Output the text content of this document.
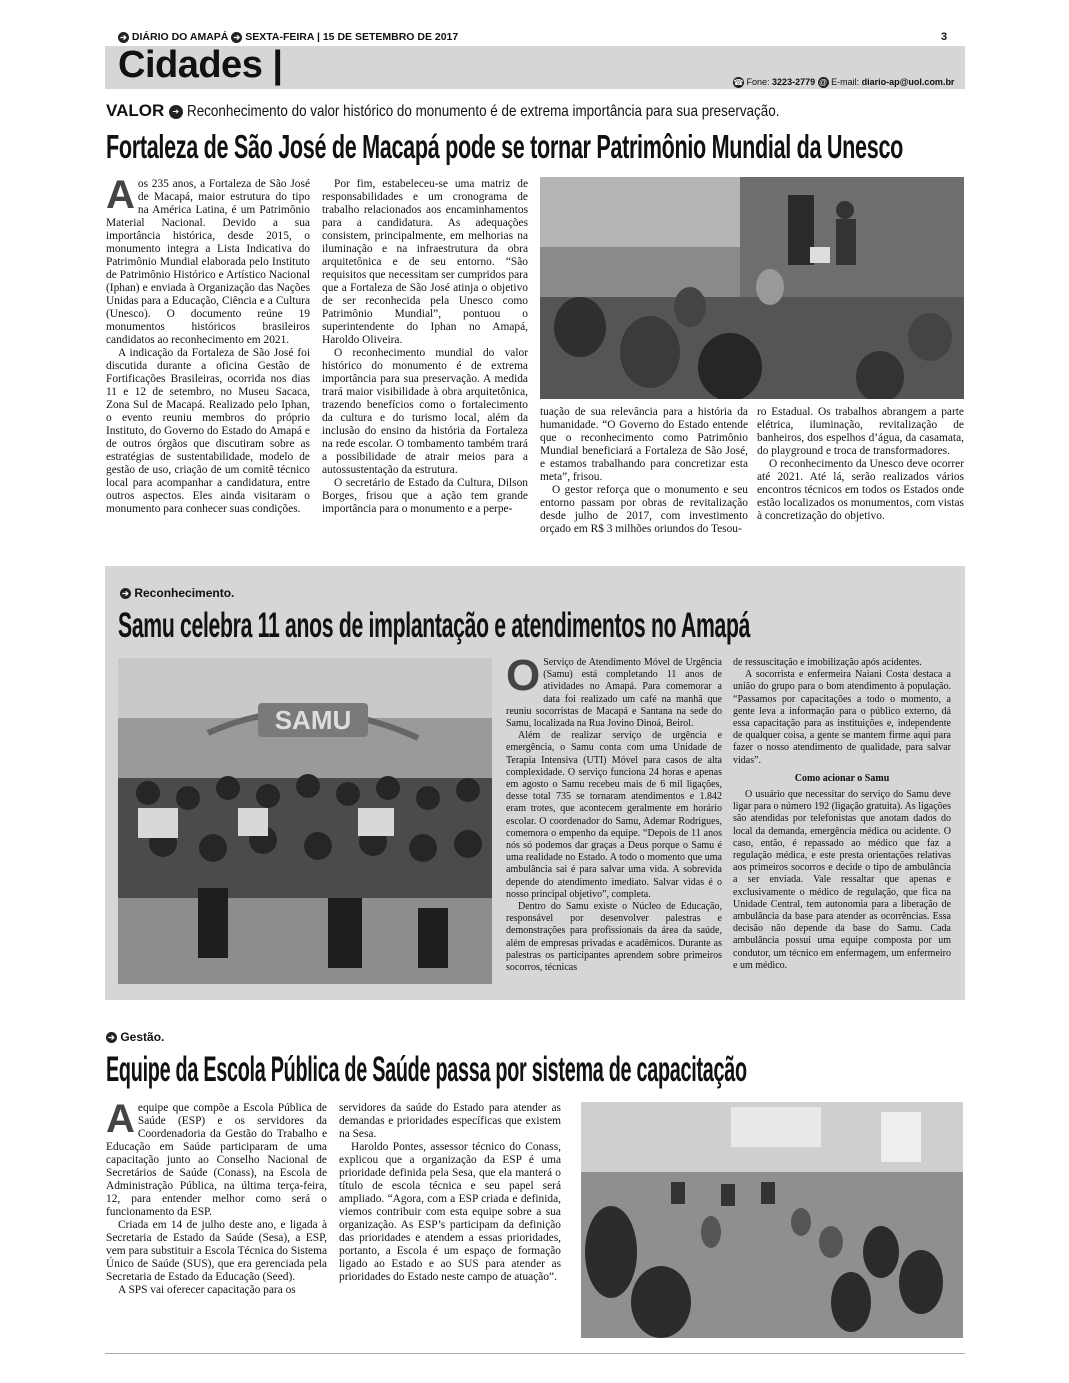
➔ DIÁRIO DO AMAPÁ ➔ SEXTA-FEIRA | 15 DE SETEMBRO DE 2017	3
Cidades |	☎ Fone: 3223-2779 @ E-mail: diario-ap@uol.com.br
VALOR ➔ Reconhecimento do valor histórico do monumento é de extrema importância para sua preservação.
Fortaleza de São José de Macapá pode se tornar Patrimônio Mundial da Unesco

Aos 235 anos, a Fortaleza de São José de Macapá, maior estrutura do tipo na América Latina, é um Patrimônio Material Nacional. Devido a sua importância histórica, desde 2015, o monumento integra a Lista Indicativa do Patrimônio Mundial elaborada pelo Instituto de Patrimônio Histórico e Artístico Nacional (Iphan) e enviada à Organização das Nações Unidas para a Educação, Ciência e a Cultura (Unesco). O documento reúne 19 monumentos históricos brasileiros candidatos ao reconhecimento em 2021.

A indicação da Fortaleza de São José foi discutida durante a oficina Gestão de Fortificações Brasileiras, ocorrida nos dias 11 e 12 de setembro, no Museu Sacaca, Zona Sul de Macapá. Realizado pelo Iphan, o evento reuniu membros do próprio Instituto, do Governo do Estado do Amapá e de outros órgãos que discutiram sobre as estratégias de sustentabilidade, modelo de gestão de uso, criação de um comitê técnico local para acompanhar a candidatura, entre outros aspectos. Eles ainda visitaram o monumento para conhecer suas condições.

Por fim, estabeleceu-se uma matriz de responsabilidades e um cronograma de trabalho relacionados aos encaminhamentos para a candidatura. As adequações consistem, principalmente, em melhorias na iluminação e na infraestrutura da obra arquitetônica e de seu entorno. “São requisitos que necessitam ser cumpridos para que a Fortaleza de São José atinja o objetivo de ser reconhecida pela Unesco como Patrimônio Mundial”, pontuou o superintendente do Iphan no Amapá, Haroldo Oliveira.

O reconhecimento mundial do valor histórico do monumento é de extrema importância para sua preservação. A medida trará maior visibilidade à obra arquitetônica, trazendo benefícios como o fortalecimento da cultura e do turismo local, além da inclusão do ensino da história da Fortaleza na rede escolar. O tombamento também trará a possibilidade de atrair meios para a autossustentação da estrutura.

O secretário de Estado da Cultura, Dilson Borges, frisou que a ação tem grande importância para o monumento e a perpe-

tuação de sua relevância para a história da humanidade. “O Governo do Estado entende que o reconhecimento como Patrimônio Mundial beneficiará a Fortaleza de São José, e estamos trabalhando para concretizar esta meta”, frisou.

O gestor reforça que o monumento e seu entorno passam por obras de revitalização desde julho de 2017, com investimento orçado em R$ 3 milhões oriundos do Tesou-

ro Estadual. Os trabalhos abrangem a parte elétrica, iluminação, revitalização de banheiros, dos espelhos d’água, da casamata, do playground e troca de transformadores.

O reconhecimento da Unesco deve ocorrer até 2021. Até lá, serão realizados vários encontros técnicos em todos os Estados onde estão localizados os monumentos, com vistas à concretização do objetivo.

➔ Reconhecimento.
Samu celebra 11 anos de implantação e atendimentos no Amapá
SAMU

O Serviço de Atendimento Móvel de Urgência (Samu) está completando 11 anos de atividades no Amapá. Para comemorar a data foi realizado um café na manhã que reuniu socorristas de Macapá e Santana na sede do Samu, localizada na Rua Jovino Dinoá, Beirol.

Além de realizar serviço de urgência e emergência, o Samu conta com uma Unidade de Terapia Intensiva (UTI) Móvel para casos de alta complexidade. O serviço funciona 24 horas e apenas em agosto o Samu recebeu mais de 6 mil ligações, desse total 735 se tornaram atendimentos e 1.842 eram trotes, que acontecem geralmente em horário escolar. O coordenador do Samu, Ademar Rodrigues, comemora o empenho da equipe. “Depois de 11 anos nós só podemos dar graças a Deus porque o Samu é uma realidade no Estado. A todo o momento que uma ambulância sai é para salvar uma vida. A sobrevida depende do atendimento imediato. Salvar vidas é o nosso principal objetivo”, completa.

Dentro do Samu existe o Núcleo de Educação, responsável por desenvolver palestras e demonstrações para profissionais da área da saúde, além de empresas privadas e acadêmicos. Durante as palestras os participantes aprendem sobre primeiros socorros, técnicas

de ressuscitação e imobilização após acidentes.

A socorrista e enfermeira Naiani Costa destaca a união do grupo para o bom atendimento à população. “Passamos por capacitações a todo o momento, a gente leva a informação para o público externo, dá essa capacitação para as instituições e, independente de qualquer coisa, a gente se mantem firme aqui para fazer o nosso atendimento de qualidade, para salvar vidas”.

Como acionar o Samu

O usuário que necessitar do serviço do Samu deve ligar para o número 192 (ligação gratuita). As ligações são atendidas por telefonistas que anotam dados do local da demanda, emergência médica ou acidente. O caso, então, é repassado ao médico que faz a regulação médica, e este presta orientações relativas aos primeiros socorros e decide o tipo de ambulância a ser enviada. Vale ressaltar que apenas e exclusivamente o médico de regulação, que fica na Unidade Central, tem autonomia para a liberação de ambulância da base para atender as ocorrências. Essa decisão não depende da base do Samu. Cada ambulância possui uma equipe composta por um condutor, um técnico em enfermagem, um enfermeiro e um médico.

➔ Gestão.
Equipe da Escola Pública de Saúde passa por sistema de capacitação

Aequipe que compõe a Escola Pública de Saúde (ESP) e os servidores da Coordenadoria da Gestão do Trabalho e Educação em Saúde participaram de uma capacitação junto ao Conselho Nacional de Secretários de Saúde (Conass), na Escola de Administração Pública, na última terça-feira, 12, para entender melhor como será o funcionamento da ESP.

Criada em 14 de julho deste ano, e ligada à Secretaria de Estado da Saúde (Sesa), a ESP, vem para substituir a Escola Técnica do Sistema Único de Saúde (SUS), que era gerenciada pela Secretaria de Estado da Educação (Seed).

A SPS vai oferecer capacitação para os

servidores da saúde do Estado para atender as demandas e prioridades específicas que existem na Sesa.

Haroldo Pontes, assessor técnico do Conass, explicou que a organização da ESP é uma prioridade definida pela Sesa, que ela manterá o título de escola técnica e seu papel será ampliado. “Agora, com a ESP criada e definida, viemos contribuir com esta equipe sobre a sua organização. As ESP’s participam da definição das prioridades e atendem a essas prioridades, portanto, a Escola é um espaço de formação ligado ao Estado e ao SUS para atender as prioridades do Estado neste campo de atuação”.
